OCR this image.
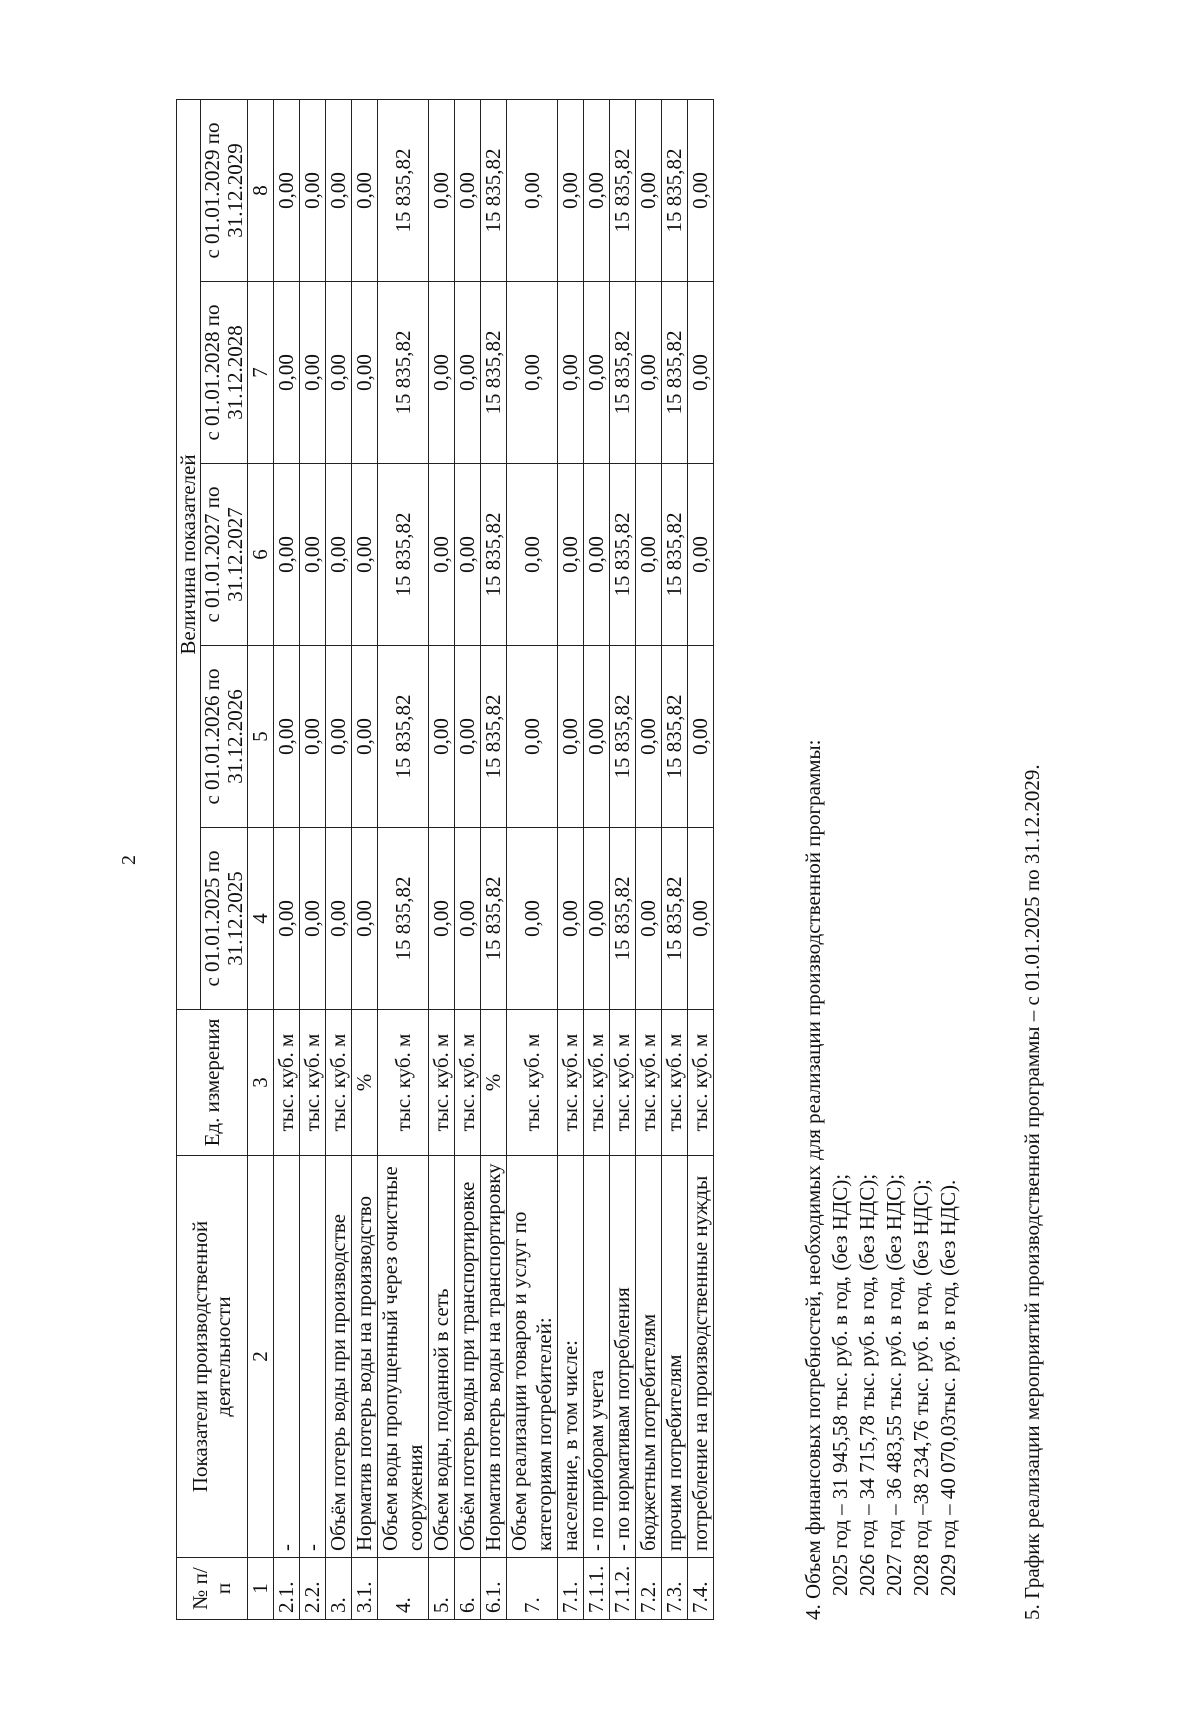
2
№ п/п	Показатели производственной деятельности	Ед. измерения	Величина показателей				
			с 01.01.2025 по 31.12.2025	с 01.01.2026 по 31.12.2026	с 01.01.2027 по 31.12.2027	с 01.01.2028 по 31.12.2028	с 01.01.2029 по 31.12.2029
1	2	3	4	5	6	7	8
2.1.	-	тыс. куб. м	0,00	0,00	0,00	0,00	0,00
2.2.	-	тыс. куб. м	0,00	0,00	0,00	0,00	0,00
3.	Объём потерь воды при производстве	тыс. куб. м	0,00	0,00	0,00	0,00	0,00
3.1.	Норматив потерь воды на производство	%	0,00	0,00	0,00	0,00	0,00
4.	Объем воды пропущенный через очистные сооружения	тыс. куб. м	15 835,82	15 835,82	15 835,82	15 835,82	15 835,82
5.	Объем воды, поданной в сеть	тыс. куб. м	0,00	0,00	0,00	0,00	0,00
6.	Объём потерь воды при транспортировке	тыс. куб. м	0,00	0,00	0,00	0,00	0,00
6.1.	Норматив потерь воды на транспортировку	%	15 835,82	15 835,82	15 835,82	15 835,82	15 835,82
7.	Объем реализации товаров и услуг по категориям потребителей:	тыс. куб. м	0,00	0,00	0,00	0,00	0,00
7.1.	население, в том числе:	тыс. куб. м	0,00	0,00	0,00	0,00	0,00
7.1.1.	- по приборам учета	тыс. куб. м	0,00	0,00	0,00	0,00	0,00
7.1.2.	- по нормативам потребления	тыс. куб. м	15 835,82	15 835,82	15 835,82	15 835,82	15 835,82
7.2.	бюджетным потребителям	тыс. куб. м	0,00	0,00	0,00	0,00	0,00
7.3.	прочим потребителям	тыс. куб. м	15 835,82	15 835,82	15 835,82	15 835,82	15 835,82
7.4.	потребление на производственные нужды	тыс. куб. м	0,00	0,00	0,00	0,00	0,00
4. Объем финансовых потребностей, необходимых для реализации производственной программы: 2025 год – 31 945,58 тыс. руб. в год, (без НДС); 2026 год – 34 715,78 тыс. руб. в год, (без НДС); 2027 год – 36 483,55 тыс. руб. в год, (без НДС); 2028 год –38 234,76 тыс. руб. в год, (без НДС); 2029 год – 40 070,03тыс. руб. в год, (без НДС).	5. График реализации мероприятий производственной программы – с 01.01.2025 по 31.12.2029.
